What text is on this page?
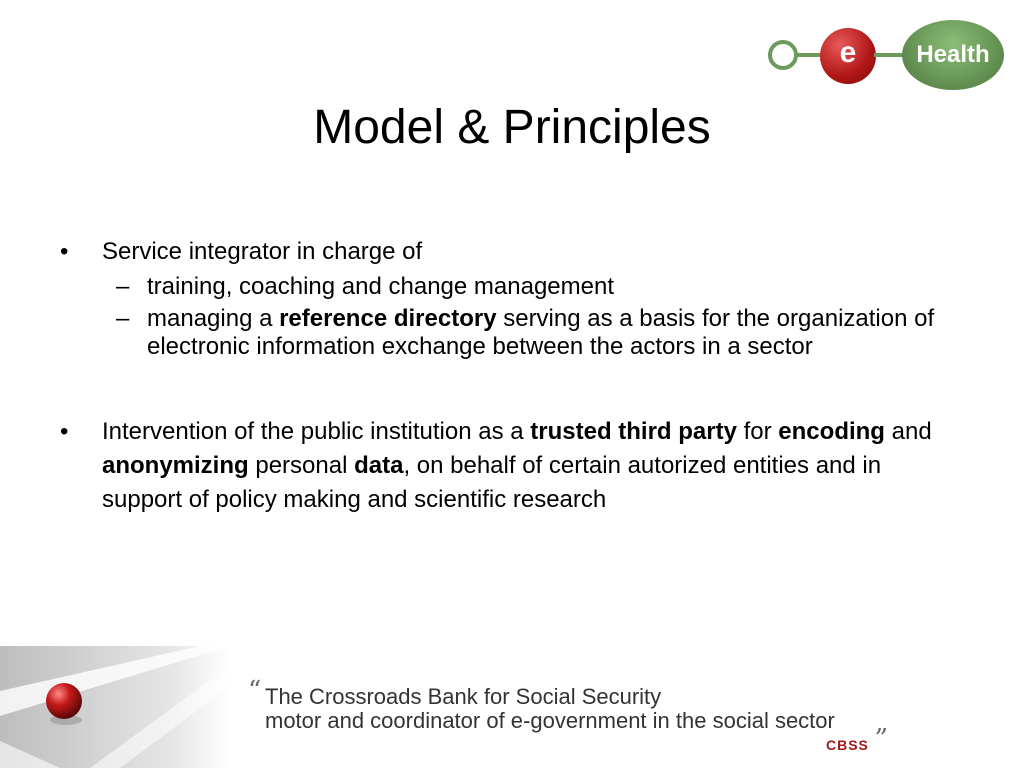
e	Health
Model & Principles
• Service integrator in charge of
– training, coaching and change management
– managing a reference directory serving as a basis for the organization of electronic information exchange between the actors in a sector
• Intervention of the public institution as a trusted third party for encoding and anonymizing personal data, on behalf of certain autorized entities and in support of policy making and scientific research
“ The Crossroads Bank for Social Security
motor and coordinator of e-government in the social sector „
CBSS
